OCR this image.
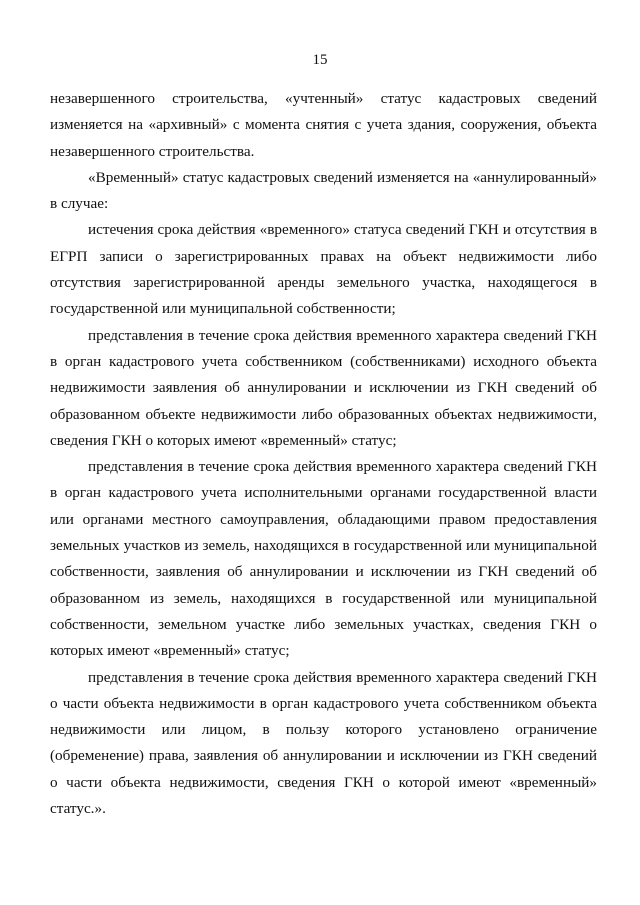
15

незавершенного строительства, «учтенный» статус кадастровых сведений изменяется на «архивный» с момента снятия с учета здания, сооружения, объекта незавершенного строительства.

«Временный» статус кадастровых сведений изменяется на «аннулированный» в случае:

истечения срока действия «временного» статуса сведений ГКН и отсутствия в ЕГРП записи о зарегистрированных правах на объект недвижимости либо отсутствия зарегистрированной аренды земельного участка, находящегося в государственной или муниципальной собственности;

представления в течение срока действия временного характера сведений ГКН в орган кадастрового учета собственником (собственниками) исходного объекта недвижимости заявления об аннулировании и исключении из ГКН сведений об образованном объекте недвижимости либо образованных объектах недвижимости, сведения ГКН о которых имеют «временный» статус;

представления в течение срока действия временного характера сведений ГКН в орган кадастрового учета исполнительными органами государственной власти или органами местного самоуправления, обладающими правом предоставления земельных участков из земель, находящихся в государственной или муниципальной собственности, заявления об аннулировании и исключении из ГКН сведений об образованном из земель, находящихся в государственной или муниципальной собственности, земельном участке либо земельных участках, сведения ГКН о которых имеют «временный» статус;

представления в течение срока действия временного характера сведений ГКН о части объекта недвижимости в орган кадастрового учета собственником объекта недвижимости или лицом, в пользу которого установлено ограничение (обременение) права, заявления об аннулировании и исключении из ГКН сведений о части объекта недвижимости, сведения ГКН о которой имеют «временный» статус.».
